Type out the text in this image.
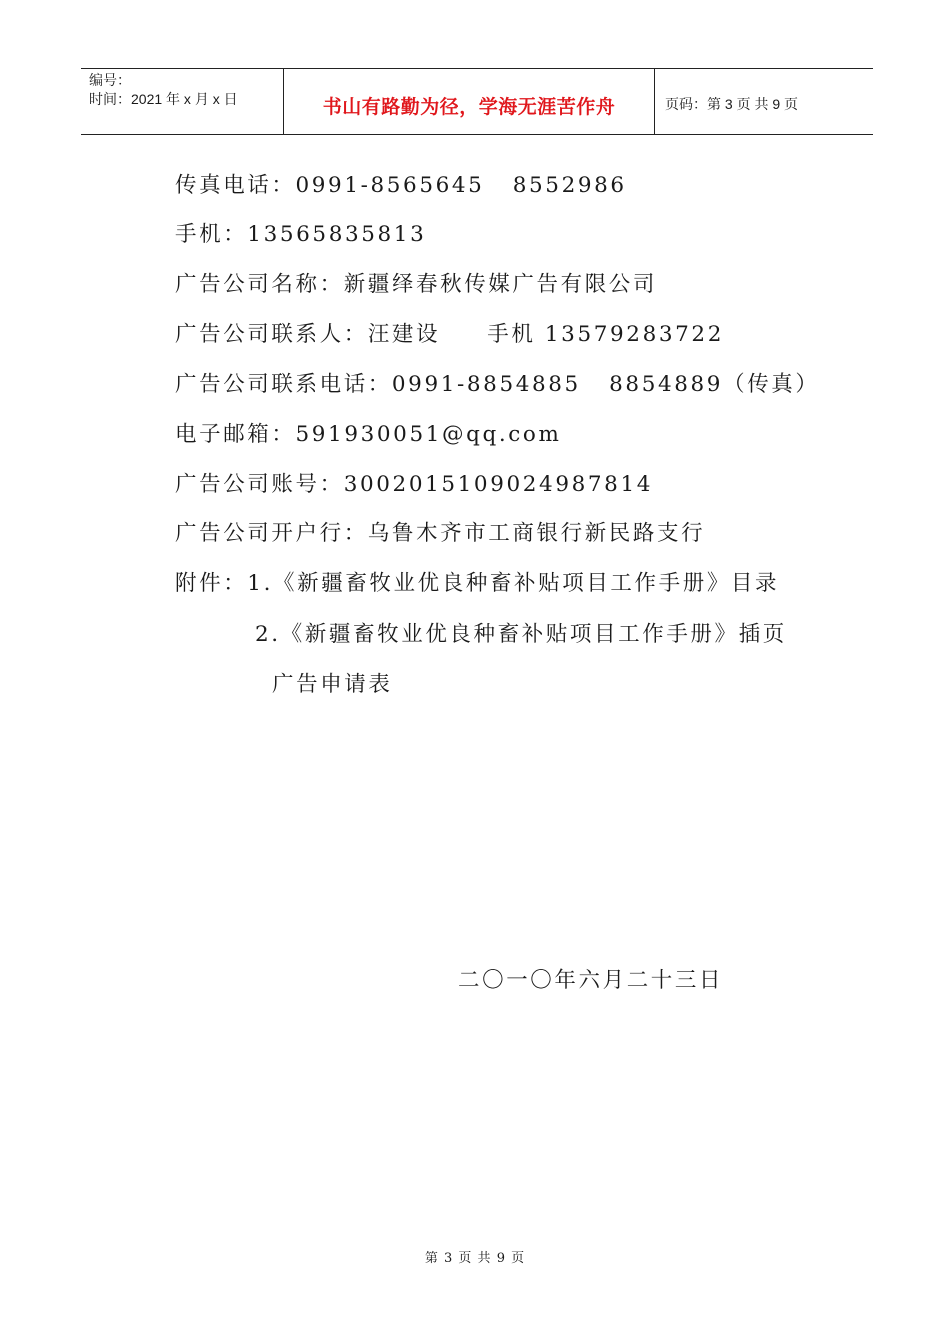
编号：
时间：2021 年 x 月 x 日	书山有路勤为径，学海无涯苦作舟	页码：第 3 页 共 9 页
传真电话：0991-8565645   8552986
手机：13565835813
广告公司名称：新疆绎春秋传媒广告有限公司
广告公司联系人：汪建设     手机 13579283722
广告公司联系电话：0991-8854885   8854889（传真）
电子邮箱：591930051@qq.com
广告公司账号：3002015109024987814
广告公司开户行：乌鲁木齐市工商银行新民路支行
附件：1.《新疆畜牧业优良种畜补贴项目工作手册》目录
2.《新疆畜牧业优良种畜补贴项目工作手册》插页
广告申请表
二〇一〇年六月二十三日
第 3 页 共 9 页
